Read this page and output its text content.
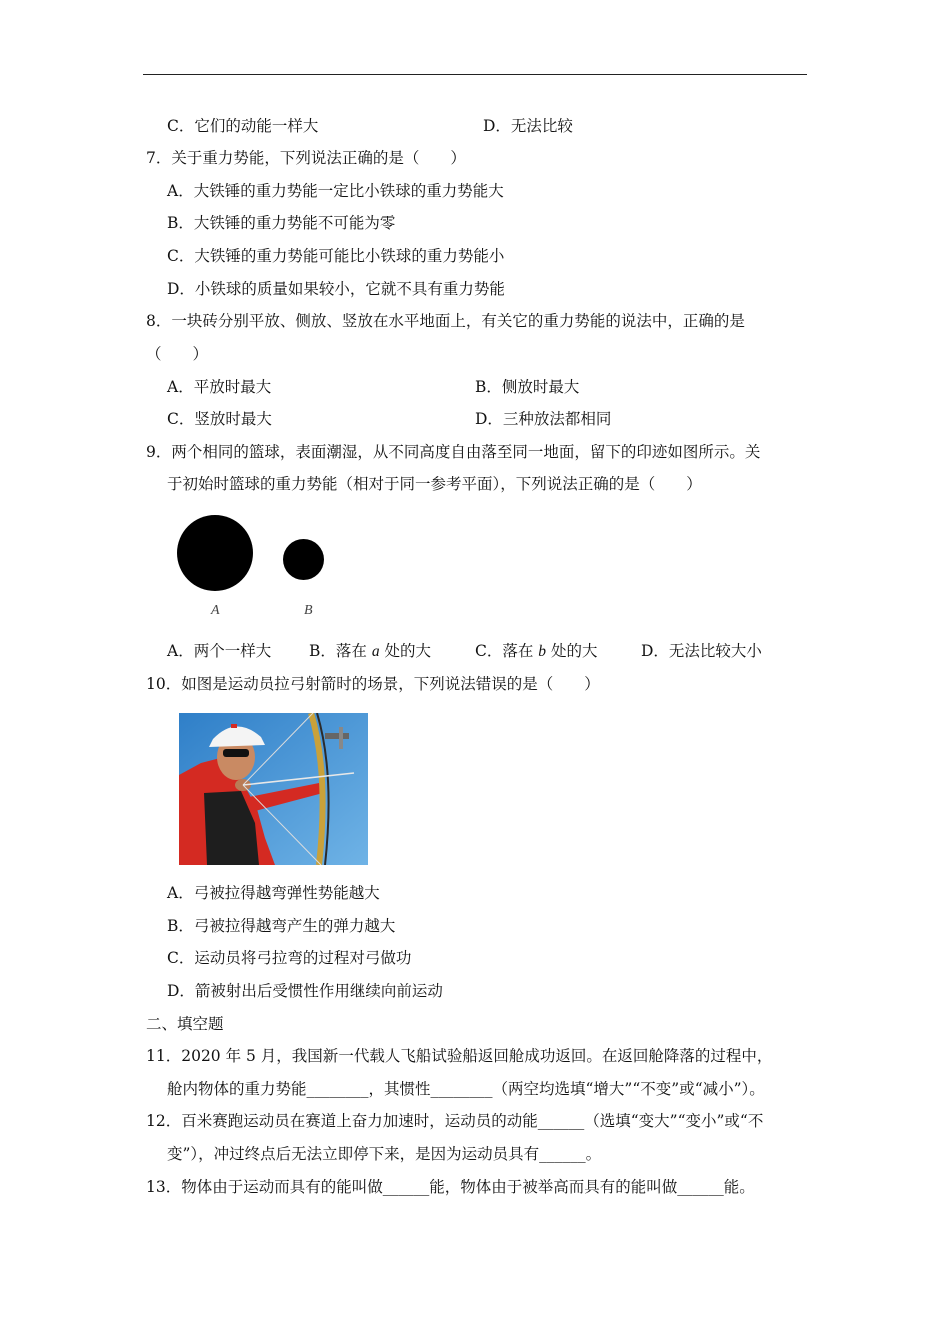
C．它们的动能一样大	D．无法比较
7．关于重力势能，下列说法正确的是（　　）
A．大铁锤的重力势能一定比小铁球的重力势能大
B．大铁锤的重力势能不可能为零
C．大铁锤的重力势能可能比小铁球的重力势能小
D．小铁球的质量如果较小，它就不具有重力势能
8．一块砖分别平放、侧放、竖放在水平地面上，有关它的重力势能的说法中，正确的是
（　　）
A．平放时最大	B．侧放时最大
C．竖放时最大	D．三种放法都相同
9．两个相同的篮球，表面潮湿，从不同高度自由落至同一地面，留下的印迹如图所示。关
于初始时篮球的重力势能（相对于同一参考平面），下列说法正确的是（　　）
A	B
A．两个一样大 B．落在 a 处的大	C．落在 b 处的大	D．无法比较大小
10．如图是运动员拉弓射箭时的场景，下列说法错误的是（　　）
A．弓被拉得越弯弹性势能越大
B．弓被拉得越弯产生的弹力越大
C．运动员将弓拉弯的过程对弓做功
D．箭被射出后受惯性作用继续向前运动
二、填空题
11．2020 年 5 月，我国新一代载人飞船试验船返回舱成功返回。在返回舱降落的过程中，
舱内物体的重力势能________，其惯性________（两空均选填“增大”“不变”或“减小”）。
12．百米赛跑运动员在赛道上奋力加速时，运动员的动能______（选填“变大”“变小”或“不
变”），冲过终点后无法立即停下来，是因为运动员具有______。
13．物体由于运动而具有的能叫做______能，物体由于被举高而具有的能叫做______能。
